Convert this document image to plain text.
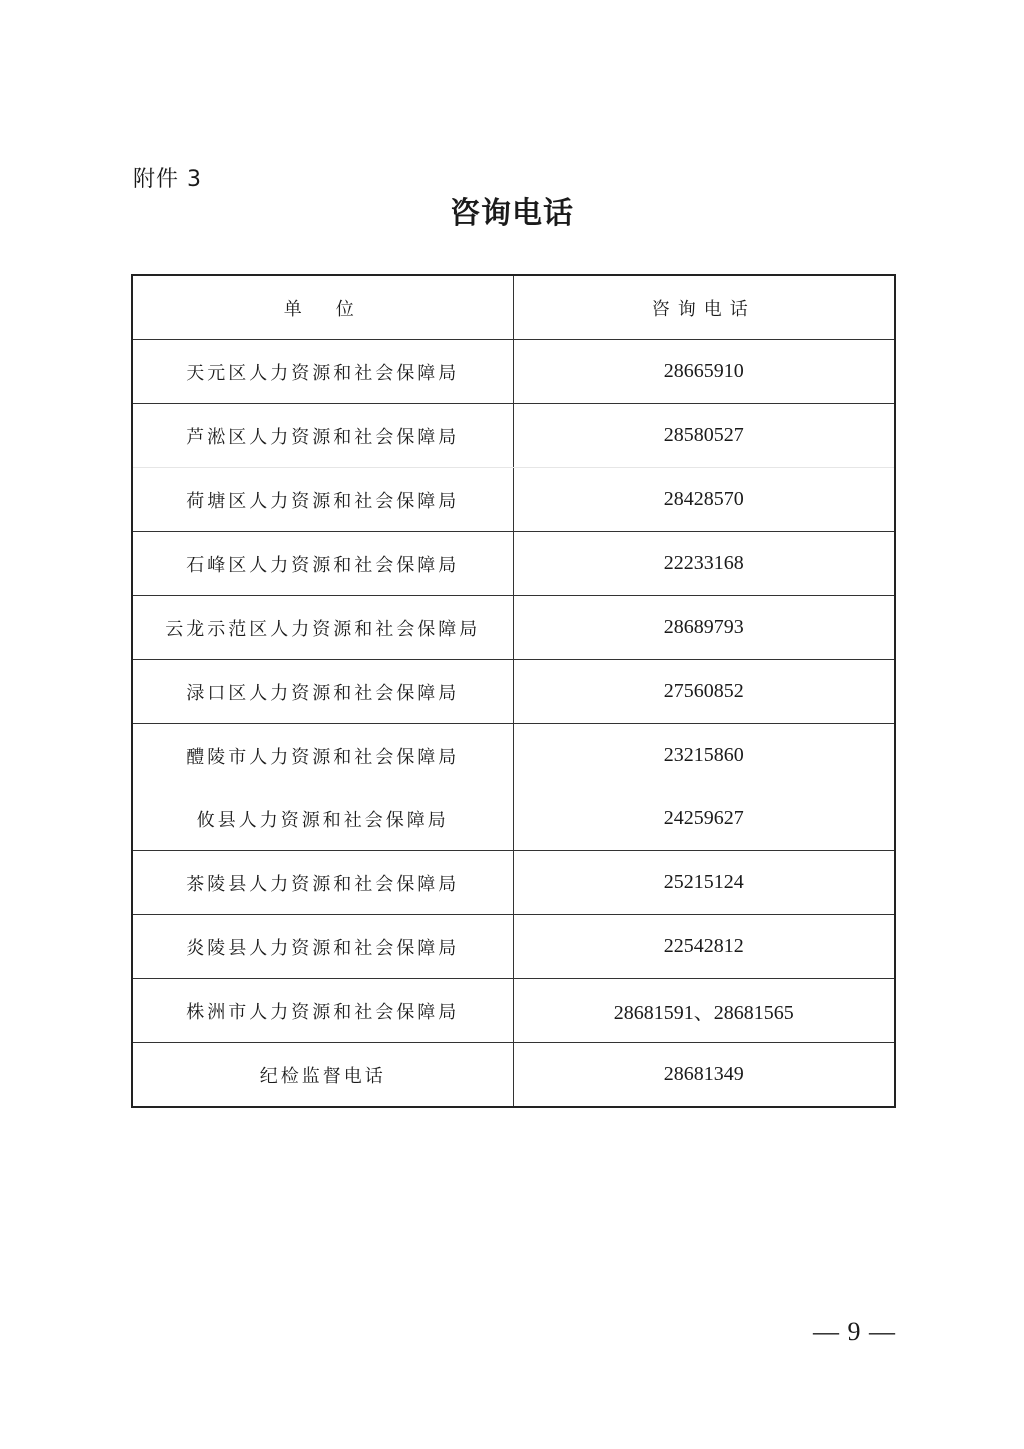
附件 3
咨询电话
单　位	咨询电话
天元区人力资源和社会保障局	28665910
芦淞区人力资源和社会保障局	28580527
荷塘区人力资源和社会保障局	28428570
石峰区人力资源和社会保障局	22233168
云龙示范区人力资源和社会保障局	28689793
渌口区人力资源和社会保障局	27560852
醴陵市人力资源和社会保障局	23215860
攸县人力资源和社会保障局	24259627
茶陵县人力资源和社会保障局	25215124
炎陵县人力资源和社会保障局	22542812
株洲市人力资源和社会保障局	28681591、28681565
纪检监督电话	28681349
— 9 —
